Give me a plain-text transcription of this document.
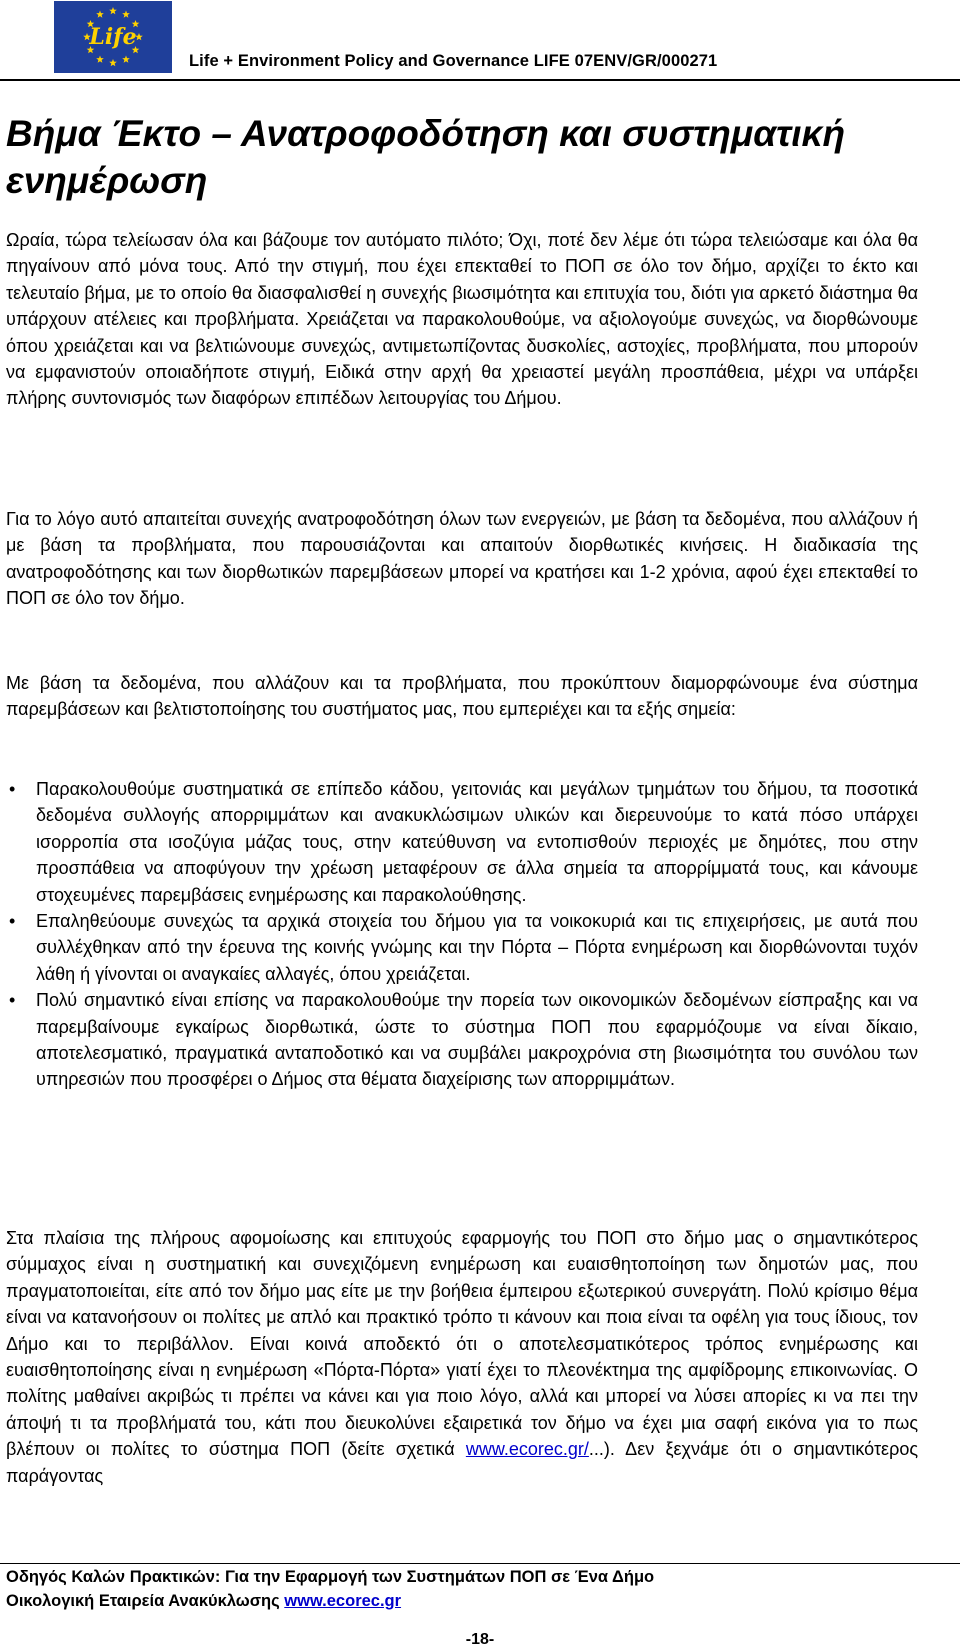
Life
Life + Environment Policy and Governance LIFE 07ENV/GR/000271
Βήμα Έκτο – Ανατροφοδότηση και συστηματική ενημέρωση

Ωραία, τώρα τελείωσαν όλα και βάζουμε τον αυτόματο πιλότο; Όχι, ποτέ δεν λέμε ότι τώρα τελειώσαμε και όλα θα πηγαίνουν από μόνα τους. Από την στιγμή, που έχει επεκταθεί το ΠΟΠ σε όλο τον δήμο, αρχίζει το έκτο και τελευταίο βήμα, με το οποίο θα διασφαλισθεί η συνεχής βιωσιμότητα και επιτυχία του, διότι για αρκετό διάστημα θα υπάρχουν ατέλειες και προβλήματα. Χρειάζεται να παρακολουθούμε, να αξιολογούμε συνεχώς, να διορθώνουμε όπου χρειάζεται και να βελτιώνουμε συνεχώς, αντιμετωπίζοντας δυσκολίες, αστοχίες, προβλήματα, που μπορούν να εμφανιστούν οποιαδήποτε στιγμή, Ειδικά στην αρχή θα χρειαστεί μεγάλη προσπάθεια, μέχρι να υπάρξει πλήρης συντονισμός των διαφόρων επιπέδων λειτουργίας του Δήμου.

Για το λόγο αυτό απαιτείται συνεχής ανατροφοδότηση όλων των ενεργειών, με βάση τα δεδομένα, που αλλάζουν ή με βάση τα προβλήματα, που παρουσιάζονται και απαιτούν διορθωτικές κινήσεις. Η διαδικασία της ανατροφοδότησης και των διορθωτικών παρεμβάσεων μπορεί να κρατήσει και 1-2 χρόνια, αφού έχει επεκταθεί το ΠΟΠ σε όλο τον δήμο.

Με βάση τα δεδομένα, που αλλάζουν και τα προβλήματα, που προκύπτουν διαμορφώνουμε ένα σύστημα παρεμβάσεων και βελτιστοποίησης του συστήματος μας, που εμπεριέχει και τα εξής σημεία:

• Παρακολουθούμε συστηματικά σε επίπεδο κάδου, γειτονιάς και μεγάλων τμημάτων του δήμου, τα ποσοτικά δεδομένα συλλογής απορριμμάτων και ανακυκλώσιμων υλικών και διερευνούμε το κατά πόσο υπάρχει ισορροπία στα ισοζύγια μάζας τους, στην κατεύθυνση να εντοπισθούν περιοχές με δημότες, που στην προσπάθεια να αποφύγουν την χρέωση μεταφέρουν σε άλλα σημεία τα απορρίμματά τους, και κάνουμε στοχευμένες παρεμβάσεις ενημέρωσης και παρακολούθησης.
• Επαληθεύουμε συνεχώς τα αρχικά στοιχεία του δήμου για τα νοικοκυριά και τις επιχειρήσεις, με αυτά που συλλέχθηκαν από την έρευνα της κοινής γνώμης και την Πόρτα – Πόρτα ενημέρωση και διορθώνονται τυχόν λάθη ή γίνονται οι αναγκαίες αλλαγές, όπου χρειάζεται.
• Πολύ σημαντικό είναι επίσης να παρακολουθούμε την πορεία των οικονομικών δεδομένων είσπραξης και να παρεμβαίνουμε εγκαίρως διορθωτικά, ώστε το σύστημα ΠΟΠ που εφαρμόζουμε να είναι δίκαιο, αποτελεσματικό, πραγματικά ανταποδοτικό και να συμβάλει μακροχρόνια στη βιωσιμότητα του συνόλου των υπηρεσιών που προσφέρει ο Δήμος στα θέματα διαχείρισης των απορριμμάτων.

Στα πλαίσια της πλήρους αφομοίωσης και επιτυχούς εφαρμογής του ΠΟΠ στο δήμο μας ο σημαντικότερος σύμμαχος είναι η συστηματική και συνεχιζόμενη ενημέρωση και ευαισθητοποίηση των δημοτών μας, που πραγματοποιείται, είτε από τον δήμο μας είτε με την βοήθεια έμπειρου εξωτερικού συνεργάτη. Πολύ κρίσιμο θέμα είναι να κατανοήσουν οι πολίτες με απλό και πρακτικό τρόπο τι κάνουν και ποια είναι τα οφέλη για τους ίδιους, τον Δήμο και το περιβάλλον. Είναι κοινά αποδεκτό ότι ο αποτελεσματικότερος τρόπος ενημέρωσης και ευαισθητοποίησης είναι η ενημέρωση «Πόρτα-Πόρτα» γιατί έχει το πλεονέκτημα της αμφίδρομης επικοινωνίας. Ο πολίτης μαθαίνει ακριβώς τι πρέπει να κάνει και για ποιο λόγο, αλλά και μπορεί να λύσει απορίες κι να πει την άποψή τι τα προβλήματά του, κάτι που διευκολύνει εξαιρετικά τον δήμο να έχει μια σαφή εικόνα για το πως βλέπουν οι πολίτες το σύστημα ΠΟΠ (δείτε σχετικά www.ecorec.gr/...). Δεν ξεχνάμε ότι ο σημαντικότερος παράγοντας

Οδηγός Καλών Πρακτικών: Για την Εφαρμογή των Συστημάτων ΠΟΠ σε Ένα Δήμο
Οικολογική Εταιρεία Ανακύκλωσης www.ecorec.gr
-18-
